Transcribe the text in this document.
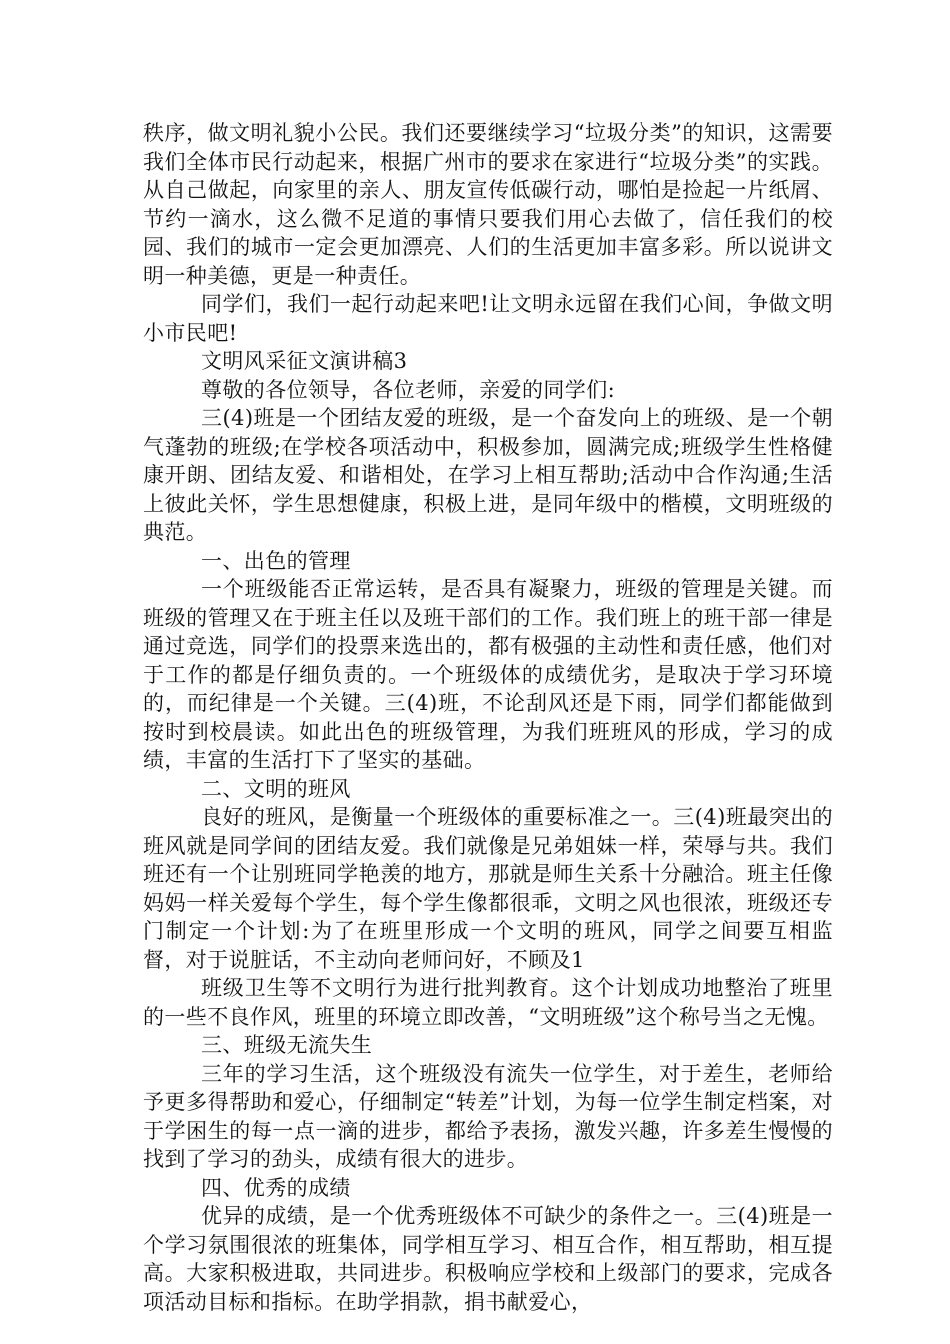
秩序，做文明礼貌小公民。我们还要继续学习“垃圾分类”的知识，这需要我们全体市民行动起来，根据广州市的要求在家进行“垃圾分类”的实践。从自己做起，向家里的亲人、朋友宣传低碳行动，哪怕是捡起一片纸屑、节约一滴水，这么微不足道的事情只要我们用心去做了，信任我们的校园、我们的城市一定会更加漂亮、人们的生活更加丰富多彩。所以说讲文明一种美德，更是一种责任。

同学们，我们一起行动起来吧!让文明永远留在我们心间，争做文明小市民吧!

文明风采征文演讲稿3

尊敬的各位领导，各位老师，亲爱的同学们:

三(4)班是一个团结友爱的班级，是一个奋发向上的班级、是一个朝气蓬勃的班级;在学校各项活动中，积极参加，圆满完成;班级学生性格健康开朗、团结友爱、和谐相处，在学习上相互帮助;活动中合作沟通;生活上彼此关怀，学生思想健康，积极上进，是同年级中的楷模，文明班级的典范。

一、出色的管理

一个班级能否正常运转，是否具有凝聚力，班级的管理是关键。而班级的管理又在于班主任以及班干部们的工作。我们班上的班干部一律是通过竞选，同学们的投票来选出的，都有极强的主动性和责任感，他们对于工作的都是仔细负责的。一个班级体的成绩优劣，是取决于学习环境的，而纪律是一个关键。三(4)班，不论刮风还是下雨，同学们都能做到按时到校晨读。如此出色的班级管理，为我们班班风的形成，学习的成绩，丰富的生活打下了坚实的基础。

二、文明的班风

良好的班风，是衡量一个班级体的重要标准之一。三(4)班最突出的班风就是同学间的团结友爱。我们就像是兄弟姐妹一样，荣辱与共。我们班还有一个让别班同学艳羡的地方，那就是师生关系十分融洽。班主任像妈妈一样关爱每个学生，每个学生像都很乖，文明之风也很浓，班级还专门制定一个计划:为了在班里形成一个文明的班风，同学之间要互相监督，对于说脏话，不主动向老师问好，不顾及1

班级卫生等不文明行为进行批判教育。这个计划成功地整治了班里的一些不良作风，班里的环境立即改善，“文明班级”这个称号当之无愧。

三、班级无流失生

三年的学习生活，这个班级没有流失一位学生，对于差生，老师给予更多得帮助和爱心，仔细制定“转差”计划，为每一位学生制定档案，对于学困生的每一点一滴的进步，都给予表扬，激发兴趣，许多差生慢慢的找到了学习的劲头，成绩有很大的进步。

四、优秀的成绩

优异的成绩，是一个优秀班级体不可缺少的条件之一。三(4)班是一个学习氛围很浓的班集体，同学相互学习、相互合作，相互帮助，相互提高。大家积极进取，共同进步。积极响应学校和上级部门的要求，完成各项活动目标和指标。在助学捐款，捐书献爱心，
